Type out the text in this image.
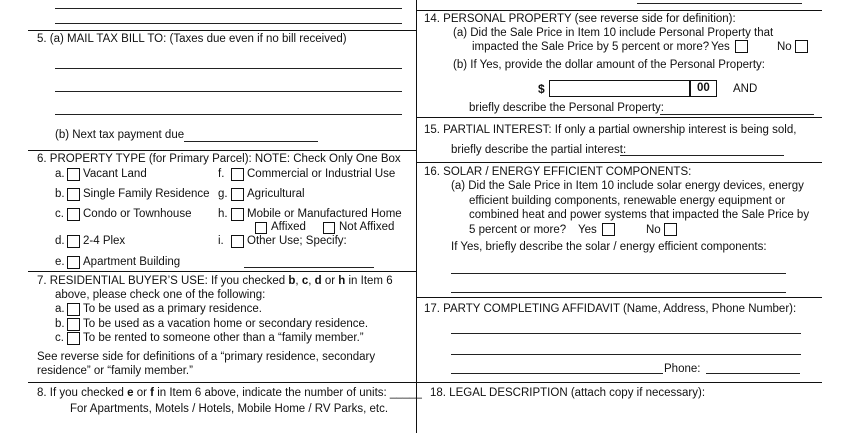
5. (a) MAIL TAX BILL TO: (Taxes due even if no bill received)
(b) Next tax payment due
6. PROPERTY TYPE (for Primary Parcel): NOTE: Check Only One Box
a. Vacant Land
b. Single Family Residence
c. Condo or Townhouse
d. 2-4 Plex
e. Apartment Building
f. Commercial or Industrial Use
g. Agricultural
h. Mobile or Manufactured Home
Affixed	Not Affixed
i. Other Use; Specify:
7. RESIDENTIAL BUYER’S USE: If you checked b, c, d or h in Item 6
above, please check one of the following:
a. To be used as a primary residence.
b. To be used as a vacation home or secondary residence.
c. To be rented to someone other than a “family member.”
See reverse side for definitions of a “primary residence, secondary
residence” or “family member.”
8. If you checked e or f in Item 6 above, indicate the number of units: _____
For Apartments, Motels / Hotels, Mobile Home / RV Parks, etc.
14. PERSONAL PROPERTY (see reverse side for definition):
(a) Did the Sale Price in Item 10 include Personal Property that
impacted the Sale Price by 5 percent or more? Yes	No
(b) If Yes, provide the dollar amount of the Personal Property:
$	00 AND
briefly describe the Personal Property:
15. PARTIAL INTEREST: If only a partial ownership interest is being sold,
briefly describe the partial interest:
16. SOLAR / ENERGY EFFICIENT COMPONENTS:
(a) Did the Sale Price in Item 10 include solar energy devices, energy
efficient building components, renewable energy equipment or
combined heat and power systems that impacted the Sale Price by
5 percent or more? Yes	No
If Yes, briefly describe the solar / energy efficient components:
17. PARTY COMPLETING AFFIDAVIT (Name, Address, Phone Number):
Phone:
18. LEGAL DESCRIPTION (attach copy if necessary):
